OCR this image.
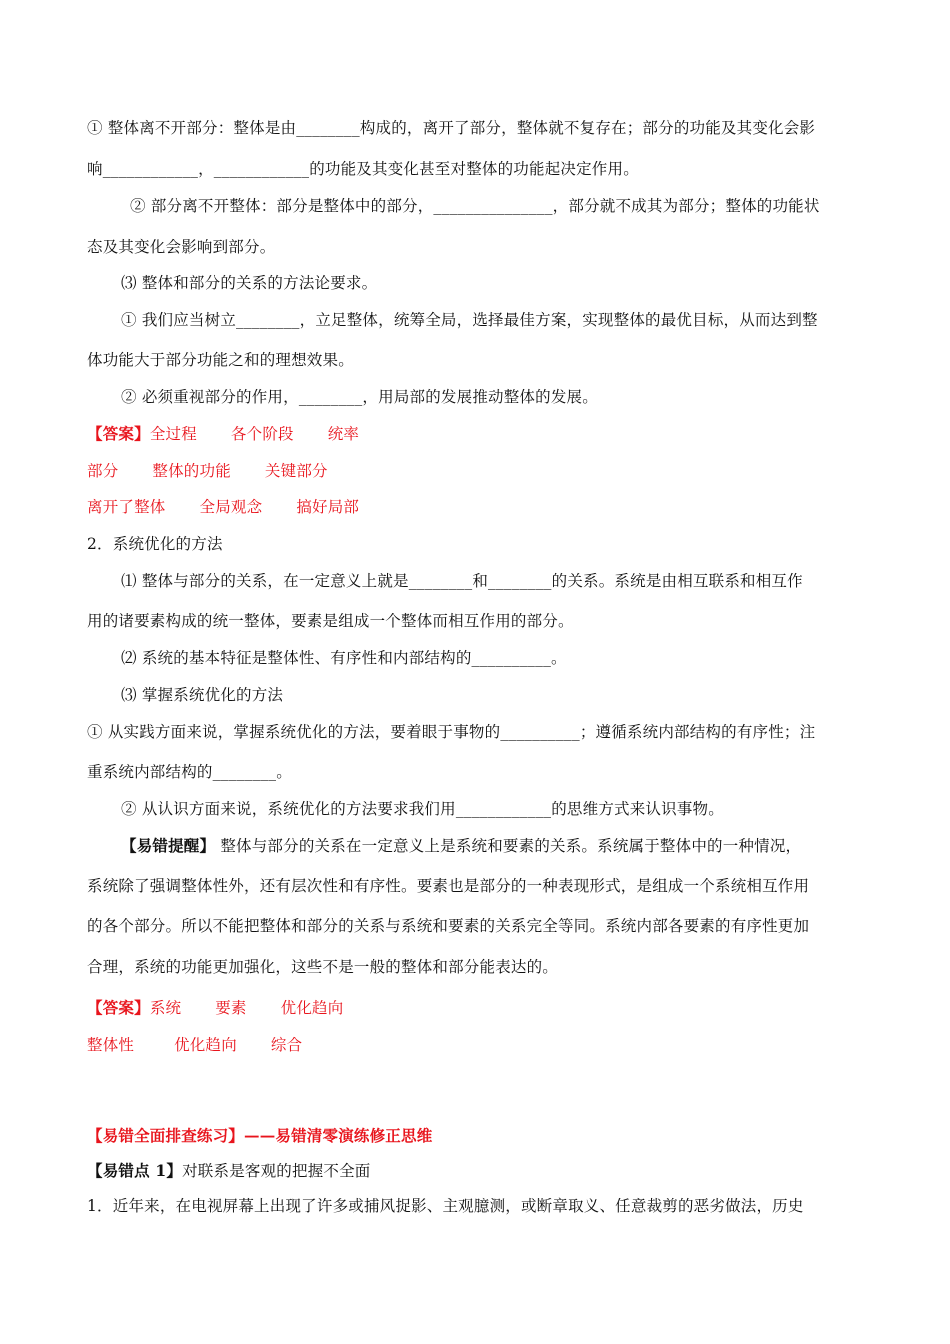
① 整体离不开部分：整体是由________构成的，离开了部分，整体就不复存在；部分的功能及其变化会影
响____________，____________的功能及其变化甚至对整体的功能起决定作用。
② 部分离不开整体：部分是整体中的部分，_______________，部分就不成其为部分；整体的功能状
态及其变化会影响到部分。
⑶ 整体和部分的关系的方法论要求。
① 我们应当树立________，立足整体，统筹全局，选择最佳方案，实现整体的最优目标，从而达到整
体功能大于部分功能之和的理想效果。
② 必须重视部分的作用，________，用局部的发展推动整体的发展。
【答案】全过程 各个阶段 统率
部分 整体的功能 关键部分
离开了整体 全局观念 搞好局部
2．系统优化的方法
⑴ 整体与部分的关系，在一定意义上就是________和________的关系。系统是由相互联系和相互作
用的诸要素构成的统一整体，要素是组成一个整体而相互作用的部分。
⑵ 系统的基本特征是整体性、有序性和内部结构的__________。
⑶ 掌握系统优化的方法
① 从实践方面来说，掌握系统优化的方法，要着眼于事物的__________；遵循系统内部结构的有序性；注
重系统内部结构的________。
② 从认识方面来说，系统优化的方法要求我们用____________的思维方式来认识事物。
【易错提醒】 整体与部分的关系在一定意义上是系统和要素的关系。系统属于整体中的一种情况，
系统除了强调整体性外，还有层次性和有序性。要素也是部分的一种表现形式，是组成一个系统相互作用
的各个部分。所以不能把整体和部分的关系与系统和要素的关系完全等同。系统内部各要素的有序性更加
合理，系统的功能更加强化，这些不是一般的整体和部分能表达的。
【答案】系统 要素 优化趋向
整体性	优化趋向 综合
【易错全面排查练习】——易错清零演练修正思维
【易错点 1】对联系是客观的把握不全面
1．近年来，在电视屏幕上出现了许多或捕风捉影、主观臆测，或断章取义、任意裁剪的恶劣做法，历史
